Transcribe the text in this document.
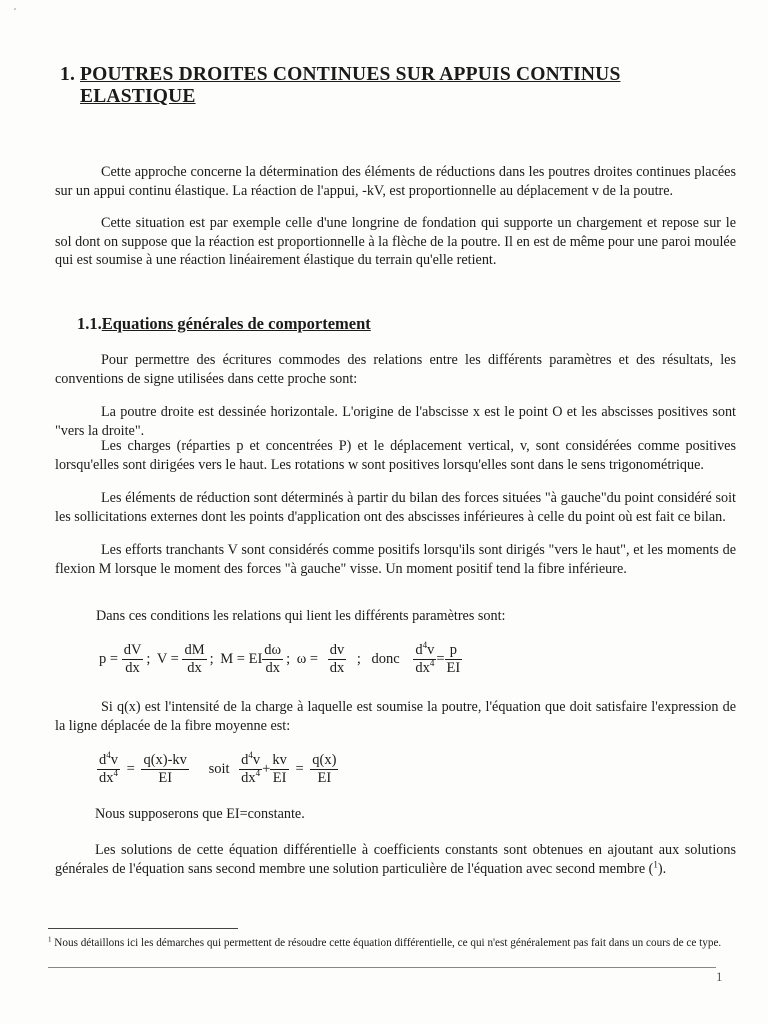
1. POUTRES DROITES CONTINUES SUR APPUIS CONTINUS
ELASTIQUE

Cette approche concerne la détermination des éléments de réductions dans les poutres droites continues placées sur un appui continu élastique. La réaction de l'appui, -kV, est proportionnelle au déplacement v de la poutre.

Cette situation est par exemple celle d'une longrine de fondation qui supporte un chargement et repose sur le sol dont on suppose que la réaction est proportionnelle à la flèche de la poutre. Il en est de même pour une paroi moulée qui est soumise à une réaction linéairement élastique du terrain qu'elle retient.

1.1.Equations générales de comportement

Pour permettre des écritures commodes des relations entre les différents paramètres et des résultats, les conventions de signe utilisées dans cette proche sont:

La poutre droite est dessinée horizontale. L'origine de l'abscisse x est le point O et les abscisses positives sont "vers la droite".

Les charges (réparties p et concentrées P) et le déplacement vertical, v, sont considérées comme positives lorsqu'elles sont dirigées vers le haut. Les rotations w sont positives lorsqu'elles sont dans le sens trigonométrique.

Les éléments de réduction sont déterminés à partir du bilan des forces situées "à gauche"du point considéré soit les sollicitations externes dont les points d'application ont des abscisses inférieures à celle du point où est fait ce bilan.

Les efforts tranchants V sont considérés comme positifs lorsqu'ils sont dirigés "vers le haut", et les moments de flexion M lorsque le moment des forces "à gauche" visse. Un moment positif tend la fibre inférieure.

Dans ces conditions les relations qui lient les différents paramètres sont:

$p = \frac{dV}{dx}$ ; $V = \frac{dM}{dx}$ ; M = EI $\frac{d\omega}{dx}$ ; $\omega = \frac{dv}{dx}$ ; donc $\frac{d^4v}{dx^4} = \frac{p}{EI}$

Si q(x) est l'intensité de la charge à laquelle est soumise la poutre, l'équation que doit satisfaire l'expression de la ligne déplacée de la fibre moyenne est:

$\frac{d^4v}{dx^4} = \frac{q(x)-kv}{EI}$ soit $\frac{d^4v}{dx^4} + \frac{kv}{EI} = \frac{q(x)}{EI}$

Nous supposerons que EI=constante.

Les solutions de cette équation différentielle à coefficients constants sont obtenues en ajoutant aux solutions générales de l'équation sans second membre une solution particulière de l'équation avec second membre ($^1$).

$^1$ Nous détaillons ici les démarches qui permettent de résoudre cette équation différentielle, ce qui n'est généralement pas fait dans un cours de ce type.
1
